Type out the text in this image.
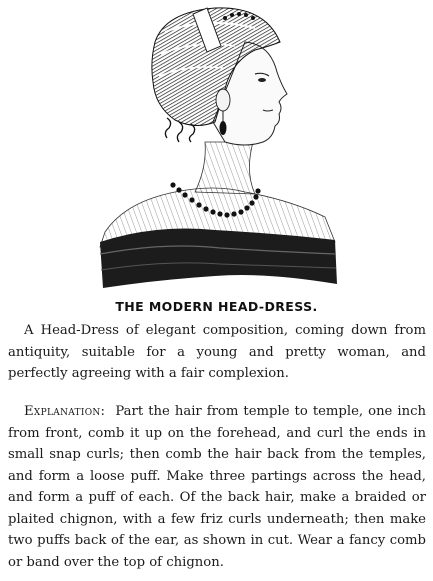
THE MODERN HEAD-DRESS.

A Head-Dress of elegant composition, coming down from antiquity, suitable for a young and pretty woman, and perfectly agreeing with a fair complexion.

Explanation: Part the hair from temple to temple, one inch from front, comb it up on the forehead, and curl the ends in small snap curls; then comb the hair back from the temples, and form a loose puff. Make three partings across the head, and form a puff of each. Of the back hair, make a braided or plaited chignon, with a few friz curls underneath; then make two puffs back of the ear, as shown in cut. Wear a fancy comb or band over the top of chignon.
